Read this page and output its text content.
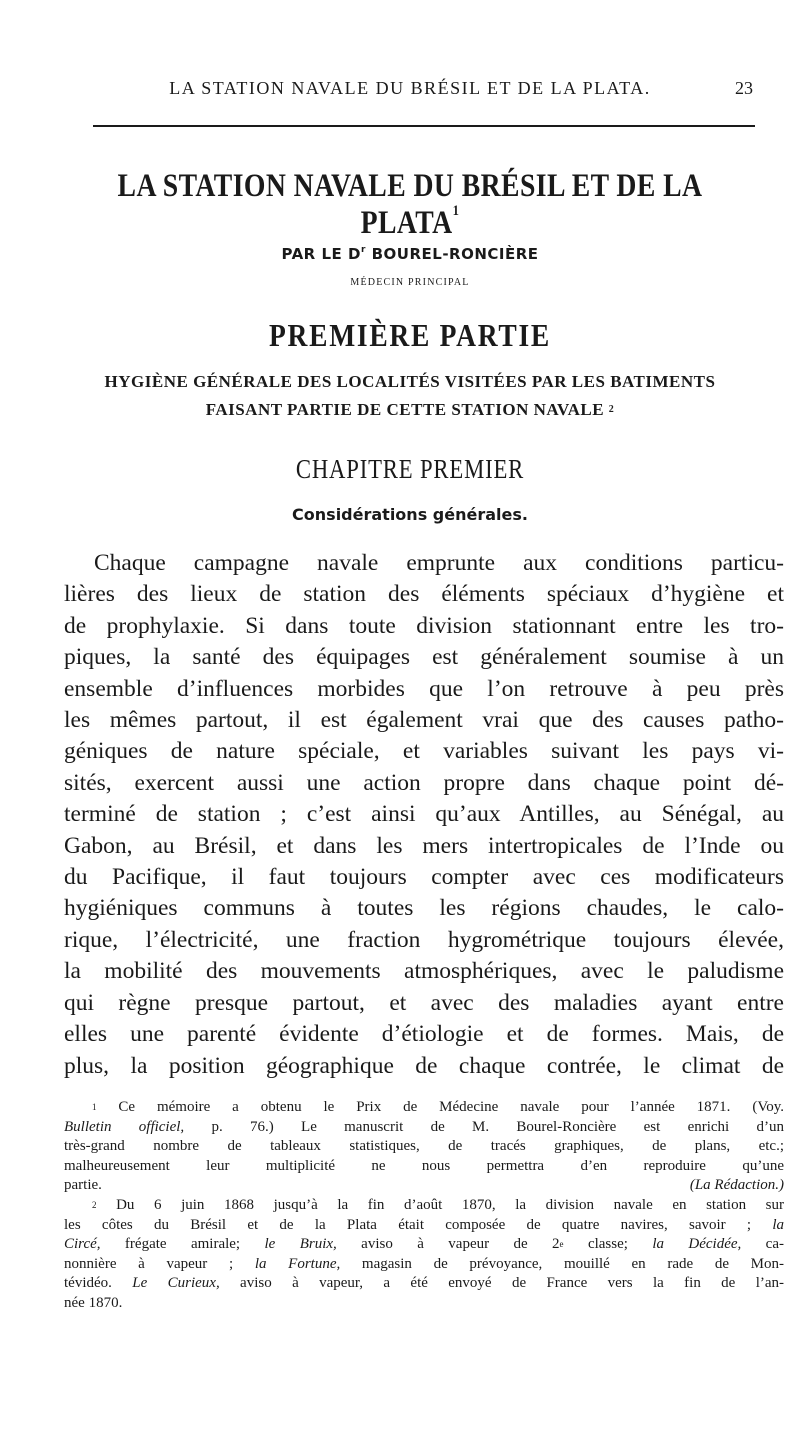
LA STATION NAVALE DU BRÉSIL ET DE LA PLATA.	23
LA STATION NAVALE DU BRÉSIL ET DE LA PLATA$^1$
PAR LE $D^r$ BOUREL-RONCIÈRE
MÉDECIN PRINCIPAL
PREMIÈRE PARTIE
HYGIÈNE GÉNÉRALE DES LOCALITÉS VISITÉES PAR LES BATIMENTS
FAISANT PARTIE DE CETTE STATION NAVALE $^2$
CHAPITRE PREMIER
Considérations générales.
Chaque campagne navale emprunte aux conditions particu-
lières des lieux de station des éléments spéciaux d’hygiène et
de prophylaxie. Si dans toute division stationnant entre les tro-
piques, la santé des équipages est généralement soumise à un
ensemble d’influences morbides que l’on retrouve à peu près
les mêmes partout, il est également vrai que des causes patho-
géniques de nature spéciale, et variables suivant les pays vi-
sités, exercent aussi une action propre dans chaque point dé-
terminé de station ; c’est ainsi qu’aux Antilles, au Sénégal, au
Gabon, au Brésil, et dans les mers intertropicales de l’Inde ou
du Pacifique, il faut toujours compter avec ces modificateurs
hygiéniques communs à toutes les régions chaudes, le calo-
rique, l’électricité, une fraction hygrométrique toujours élevée,
la mobilité des mouvements atmosphériques, avec le paludisme
qui règne presque partout, et avec des maladies ayant entre
elles une parenté évidente d’étiologie et de formes. Mais, de
plus, la position géographique de chaque contrée, le climat de
$^1$ Ce mémoire a obtenu le Prix de Médecine navale pour l’année 1871. (Voy.
Bulletin officiel, p. 76.) Le manuscrit de M. Bourel-Roncière est enrichi d’un
très-grand nombre de tableaux statistiques, de tracés graphiques, de plans, etc.;
malheureusement leur multiplicité ne nous permettra d’en reproduire qu’une
partie.	(La Rédaction.)
$^2$ Du 6 juin 1868 jusqu’à la fin d’août 1870, la division navale en station sur
les côtes du Brésil et de la Plata était composée de quatre navires, savoir ; la
Circé, frégate amirale; le Bruix, aviso à vapeur de 2e classe; la Décidée, ca-
nonnière à vapeur ; la Fortune, magasin de prévoyance, mouillé en rade de Mon-
tévidéo. Le Curieux, aviso à vapeur, a été envoyé de France vers la fin de l’an-
née 1870.
